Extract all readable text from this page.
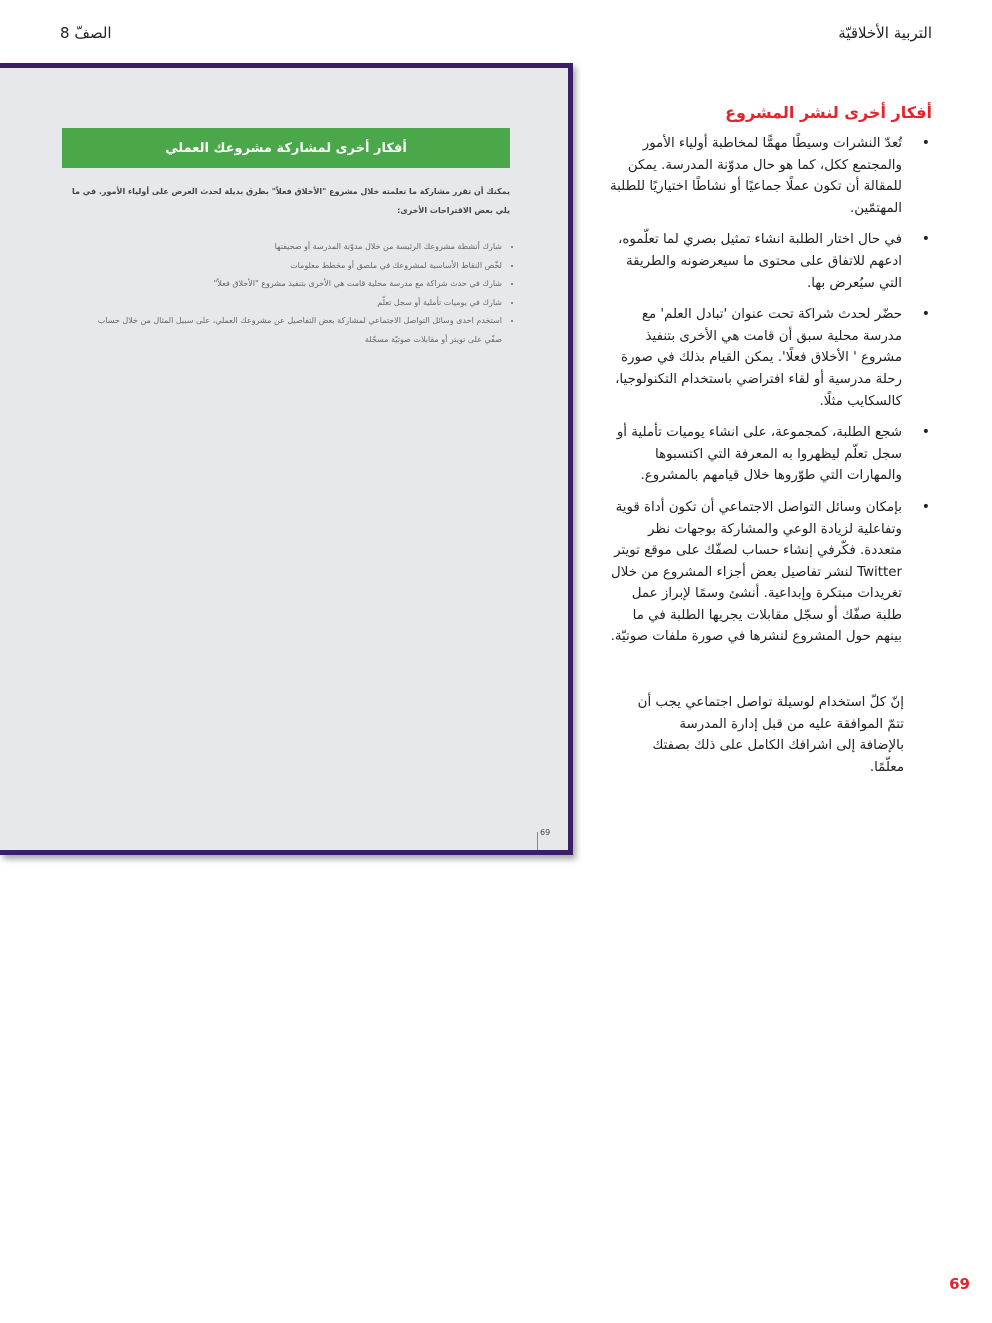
التربية الأخلاقيّة
الصفّ 8
أفكار أخرى لمشاركة مشروعك العملي
يمكنك أن تقرر مشاركة ما تعلمته خلال مشروع "الأخلاق فعلاً" بطرق بديلة لحدث العرض على أولياء الأمور. في ما يلي بعض الاقتراحات الأخرى:
• شارك أنشطة مشروعك الرئيسة من خلال مدوّنة المدرسة أو صحيفتها
• لخّص النقاط الأساسية لمشروعك في ملصق أو مخطط معلومات
• شارك في حدث شراكة مع مدرسة محلية قامت هي الأخرى بتنفيذ مشروع "الأخلاق فعلاً"
• شارك في يوميات تأملية أو سجل تعلّم
• استخدم احدى وسائل التواصل الاجتماعي لمشاركة بعض التفاصيل عن مشروعك العملي، على سبيل المثال من خلال حساب صفّي على تويتر أو مقابلات صوتيّة مسجّلة
69
أفكار أخرى لنشر المشروع
• تُعدّ النشرات وسيطًا مهمًّا لمخاطبة أولياء الأمور والمجتمع ككل، كما هو حال مدوّنة المدرسة. يمكن للمقالة أن تكون عملًا جماعيًا أو نشاطًا اختياريًا للطلبة المهتمّين.
• في حال اختار الطلبة انشاء تمثيل بصري لما تعلّموه، ادعهم للاتفاق على محتوى ما سيعرضونه والطريقة التي سيُعرض بها.
• حضّر لحدث شراكة تحت عنوان 'تبادل العلم' مع مدرسة محلية سبق أن قامت هي الأخرى بتنفيذ مشروع ' الأخلاق فعلًا'. يمكن القيام بذلك في صورة رحلة مدرسية أو لقاء افتراضي باستخدام التكنولوجيا، كالسكايب مثلًا.
• شجع الطلبة، كمجموعة، على انشاء يوميات تأملية أو سجل تعلّم ليظهروا به المعرفة التي اكتسبوها والمهارات التي طوّروها خلال قيامهم بالمشروع.
• بإمكان وسائل التواصل الاجتماعي أن تكون أداة قوية وتفاعلية لزيادة الوعي والمشاركة بوجهات نظر متعددة. فكّرفي إنشاء حساب لصفّك على موقع تويتر Twitter لنشر تفاصيل بعض أجزاء المشروع من خلال تغريدات مبتكرة وإبداعية. أنشئ وسمًا لإبراز عمل طلبة صفّك أو سجّل مقابلات يجريها الطلبة في ما بينهم حول المشروع لنشرها في صورة ملفات صوتيّة.
إنّ كلّ استخدام لوسيلة تواصل اجتماعي يجب أن تتمّ الموافقة عليه من قبل إدارة المدرسة بالإضافة إلى اشرافك الكامل على ذلك بصفتك معلّمًا.
69
